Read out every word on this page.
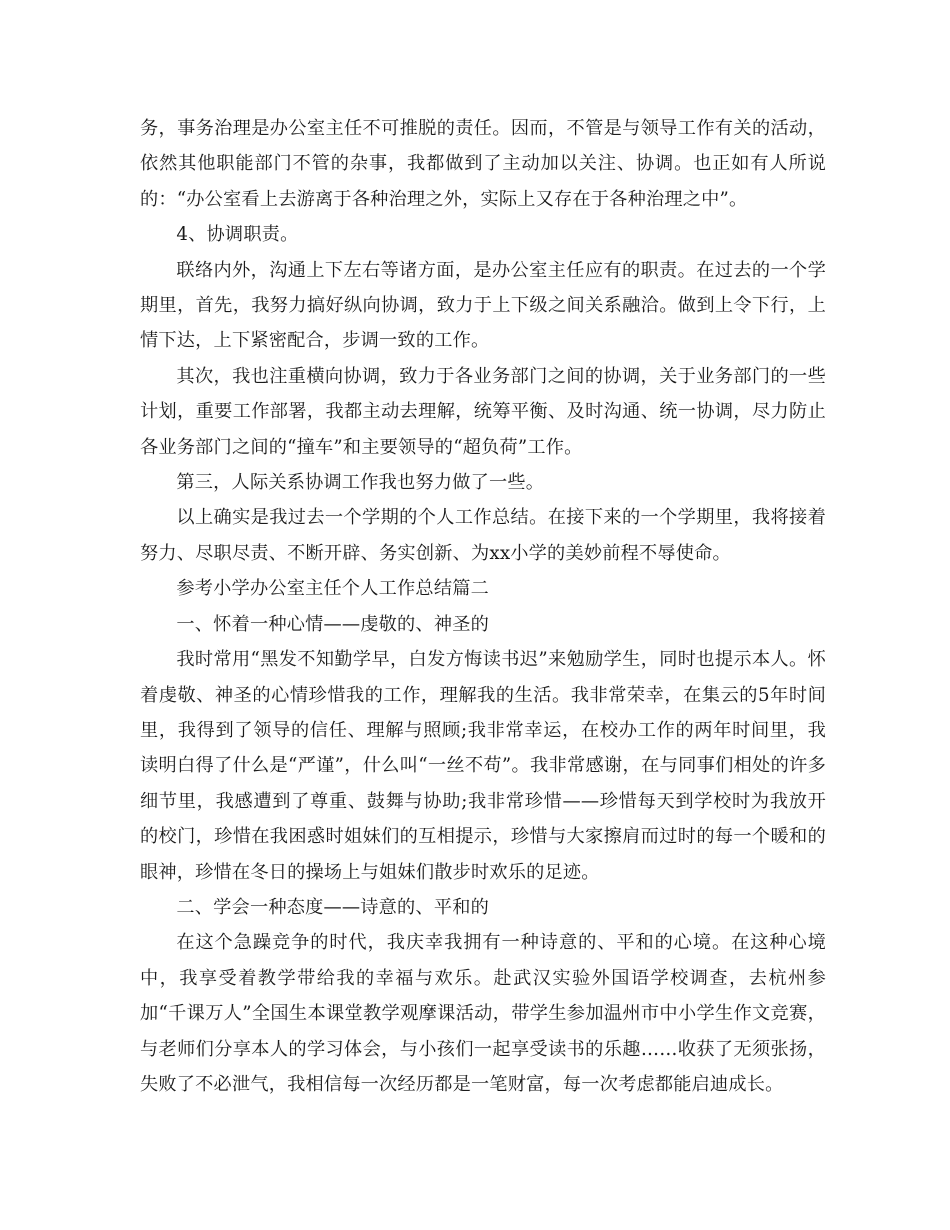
务，事务治理是办公室主任不可推脱的责任。因而，不管是与领导工作有关的活动，依然其他职能部门不管的杂事，我都做到了主动加以关注、协调。也正如有人所说的：“办公室看上去游离于各种治理之外，实际上又存在于各种治理之中”。

4、协调职责。

联络内外，沟通上下左右等诸方面，是办公室主任应有的职责。在过去的一个学期里，首先，我努力搞好纵向协调，致力于上下级之间关系融洽。做到上令下行，上情下达，上下紧密配合，步调一致的工作。

其次，我也注重横向协调，致力于各业务部门之间的协调，关于业务部门的一些计划，重要工作部署，我都主动去理解，统筹平衡、及时沟通、统一协调，尽力防止各业务部门之间的“撞车”和主要领导的“超负荷”工作。

第三，人际关系协调工作我也努力做了一些。

以上确实是我过去一个学期的个人工作总结。在接下来的一个学期里，我将接着努力、尽职尽责、不断开辟、务实创新、为xx小学的美妙前程不辱使命。

参考小学办公室主任个人工作总结篇二

一、怀着一种心情——虔敬的、神圣的

我时常用“黑发不知勤学早，白发方悔读书迟”来勉励学生，同时也提示本人。怀着虔敬、神圣的心情珍惜我的工作，理解我的生活。我非常荣幸，在集云的5年时间里，我得到了领导的信任、理解与照顾;我非常幸运，在校办工作的两年时间里，我读明白得了什么是“严谨”，什么叫“一丝不苟”。我非常感谢，在与同事们相处的许多细节里，我感遭到了尊重、鼓舞与协助;我非常珍惜——珍惜每天到学校时为我放开的校门，珍惜在我困惑时姐妹们的互相提示，珍惜与大家擦肩而过时的每一个暖和的眼神，珍惜在冬日的操场上与姐妹们散步时欢乐的足迹。

二、学会一种态度——诗意的、平和的

在这个急躁竞争的时代，我庆幸我拥有一种诗意的、平和的心境。在这种心境中，我享受着教学带给我的幸福与欢乐。赴武汉实验外国语学校调查，去杭州参加“千课万人”全国生本课堂教学观摩课活动，带学生参加温州市中小学生作文竞赛，与老师们分享本人的学习体会，与小孩们一起享受读书的乐趣……收获了无须张扬，失败了不必泄气，我相信每一次经历都是一笔财富，每一次考虑都能启迪成长。
